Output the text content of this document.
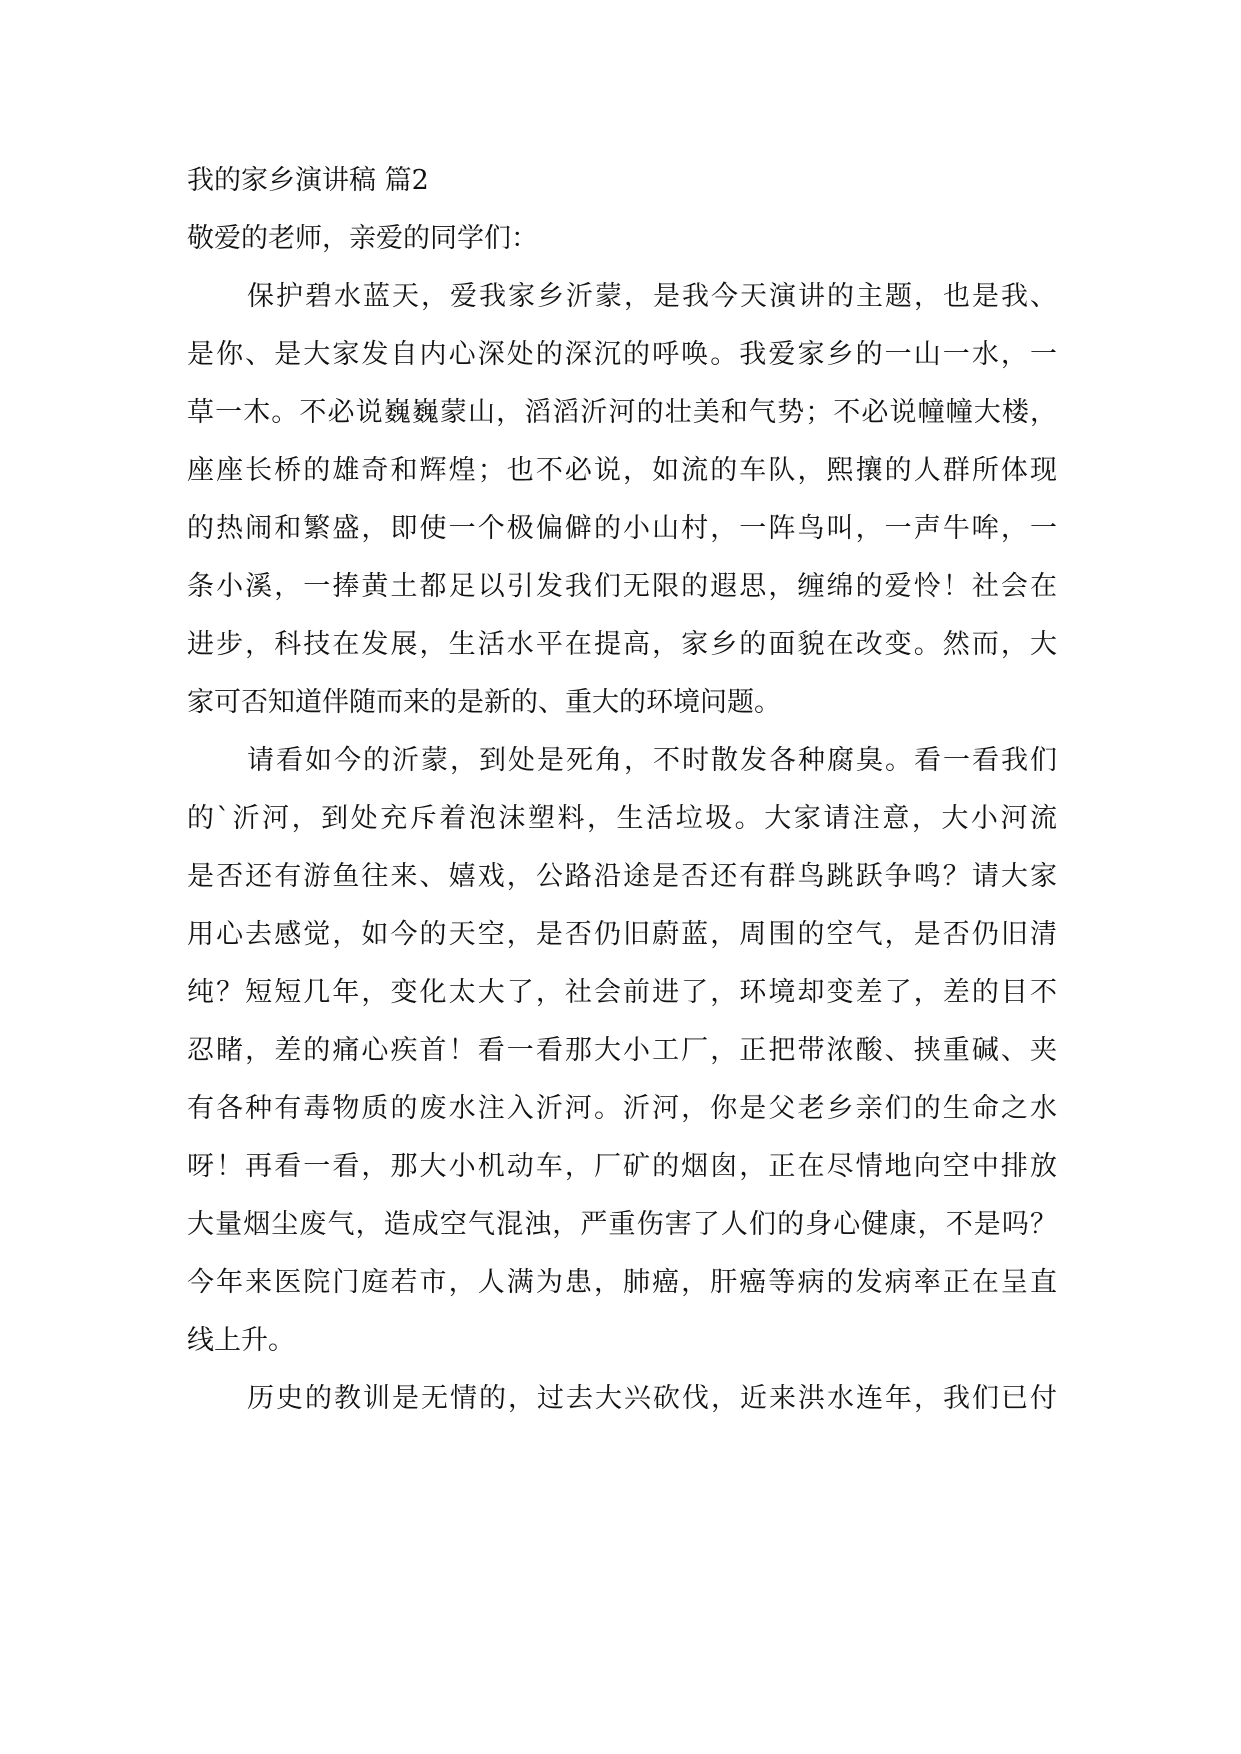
我的家乡演讲稿 篇2
敬爱的老师，亲爱的同学们：
保护碧水蓝天，爱我家乡沂蒙，是我今天演讲的主题，也是我、
是你、是大家发自内心深处的深沉的呼唤。我爱家乡的一山一水，一
草一木。不必说巍巍蒙山，滔滔沂河的壮美和气势；不必说幢幢大楼，
座座长桥的雄奇和辉煌；也不必说，如流的车队，熙攘的人群所体现
的热闹和繁盛，即使一个极偏僻的小山村，一阵鸟叫，一声牛哞，一
条小溪，一捧黄土都足以引发我们无限的遐思，缠绵的爱怜！社会在
进步，科技在发展，生活水平在提高，家乡的面貌在改变。然而，大
家可否知道伴随而来的是新的、重大的环境问题。
请看如今的沂蒙，到处是死角，不时散发各种腐臭。看一看我们
的`沂河，到处充斥着泡沫塑料，生活垃圾。大家请注意，大小河流
是否还有游鱼往来、嬉戏，公路沿途是否还有群鸟跳跃争鸣？请大家
用心去感觉，如今的天空，是否仍旧蔚蓝，周围的空气，是否仍旧清
纯？短短几年，变化太大了，社会前进了，环境却变差了，差的目不
忍睹，差的痛心疾首！看一看那大小工厂，正把带浓酸、挟重碱、夹
有各种有毒物质的废水注入沂河。沂河，你是父老乡亲们的生命之水
呀！再看一看，那大小机动车，厂矿的烟囱，正在尽情地向空中排放
大量烟尘废气，造成空气混浊，严重伤害了人们的身心健康，不是吗？
今年来医院门庭若市，人满为患，肺癌，肝癌等病的发病率正在呈直
线上升。
历史的教训是无情的，过去大兴砍伐，近来洪水连年，我们已付
